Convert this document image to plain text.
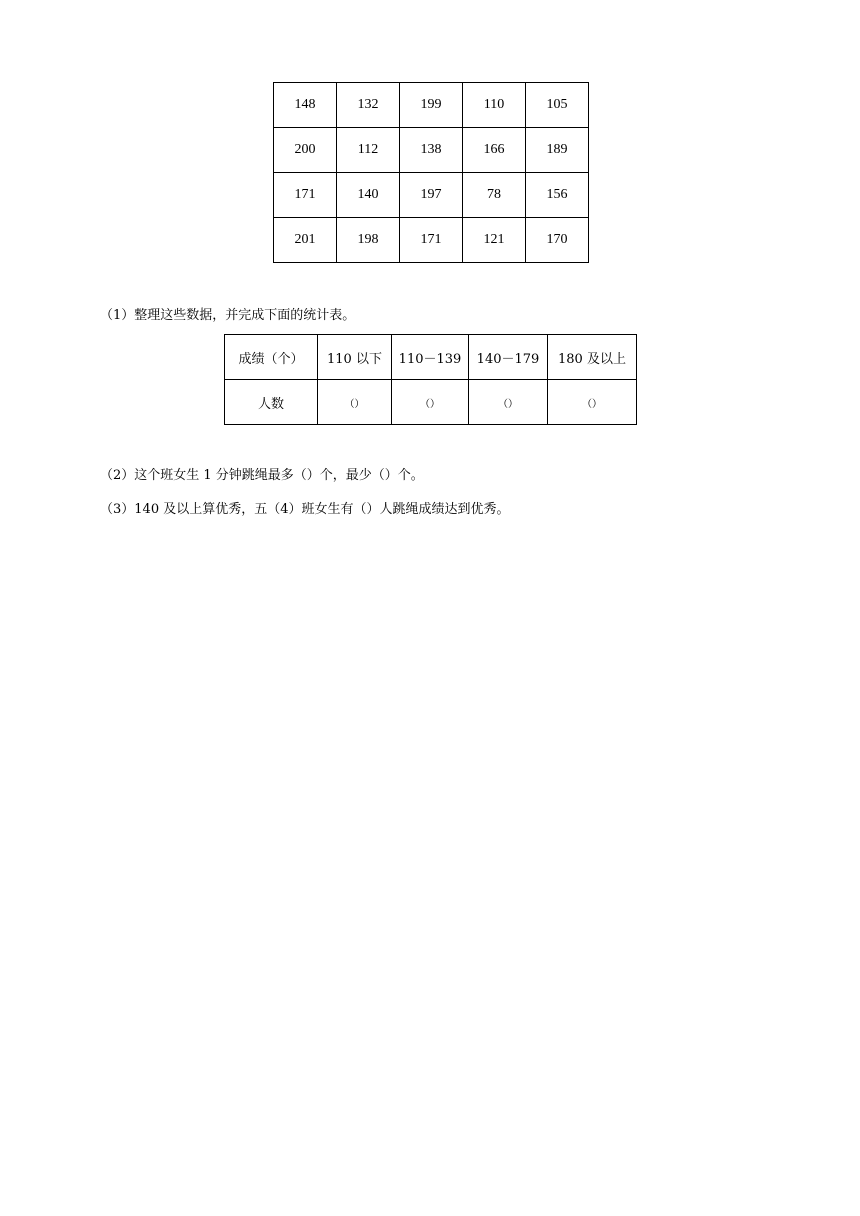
148	132	199	110	105
200	112	138	166	189
171	140	197	78	156
201	198	171	121	170
（1）整理这些数据，并完成下面的统计表。
成绩（个）	110 以下	110－139	140－179	180 及以上
人数	（）	（）	（）	（）
（2）这个班女生 1 分钟跳绳最多（）个，最少（）个。
（3）140 及以上算优秀，五（4）班女生有（）人跳绳成绩达到优秀。
